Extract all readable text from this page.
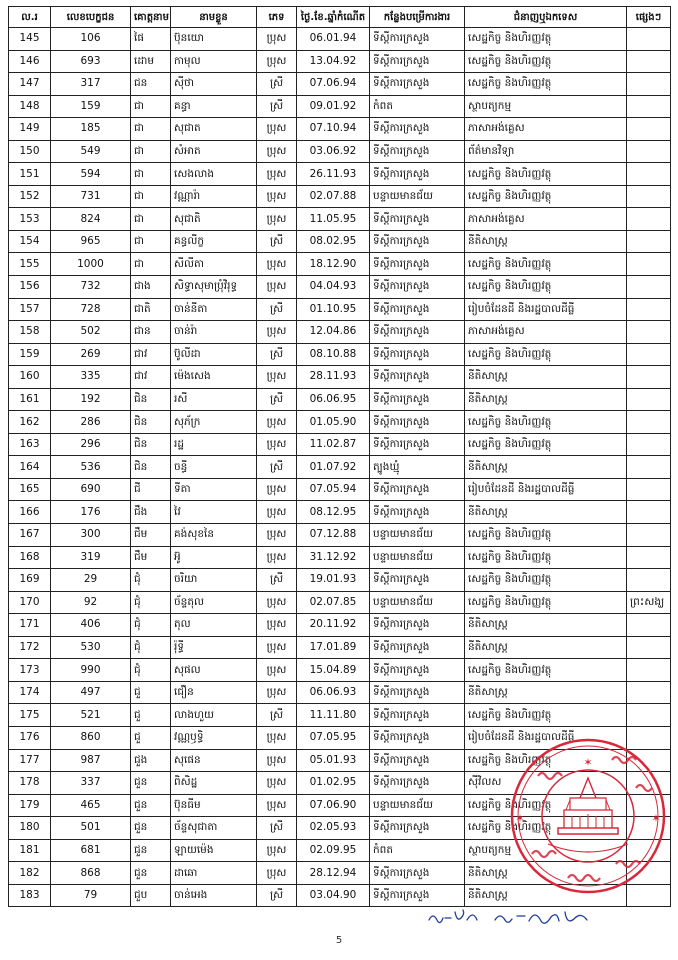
ល.រ	លេខបេក្ខជន	គោត្តនាម	នាមខ្លួន	ភេទ	ថ្ងៃ.ខែ.ឆ្នាំកំណើត	កន្លែងបម្រើការងារ	ជំនាញឬឯកទេស	ផ្សេងៗ
145	106	ផៃ	ប៊ុនយោ	ប្រុស	06.01.94	ទីស្ដីការក្រសួង	សេដ្ឋកិច្ច និងហិរញ្ញវត្ថុ	
146	693	ដោម	កាមុល	ប្រុស	13.04.92	ទីស្ដីការក្រសួង	សេដ្ឋកិច្ច និងហិរញ្ញវត្ថុ	
147	317	ជន	ស៊ីថា	ស្រី	07.06.94	ទីស្ដីការក្រសួង	សេដ្ឋកិច្ច និងហិរញ្ញវត្ថុ	
148	159	ជា	គន្ធា	ស្រី	09.01.92	កំពត	ស្ថាបត្យកម្ម	
149	185	ជា	សុជាត	ប្រុស	07.10.94	ទីស្ដីការក្រសួង	ភាសាអង់គ្លេស	
150	549	ជា	សំអាត	ប្រុស	03.06.92	ទីស្ដីការក្រសួង	ព័ត៌មានវិទ្យា	
151	594	ជា	សេងលាង	ប្រុស	26.11.93	ទីស្ដីការក្រសួង	សេដ្ឋកិច្ច និងហិរញ្ញវត្ថុ	
152	731	ជា	វណ្ណារ៉ា	ប្រុស	02.07.88	បន្ទាយមានជ័យ	សេដ្ឋកិច្ច និងហិរញ្ញវត្ថុ	
153	824	ជា	សុជាតិ	ប្រុស	11.05.95	ទីស្ដីការក្រសួង	ភាសាអង់គ្លេស	
154	965	ជា	គន្ធលីក្ខ	ស្រី	08.02.95	ទីស្ដីការក្រសួង	នីតិសាស្ត្រ	
155	1000	ជា	សីលីតា	ប្រុស	18.12.90	ទីស្ដីការក្រសួង	សេដ្ឋកិច្ច និងហិរញ្ញវត្ថុ	
156	732	ជាង	សិទ្ធាសុមាប្រុំវិរុទ្ធ	ប្រុស	04.04.93	ទីស្ដីការក្រសួង	សេដ្ឋកិច្ច និងហិរញ្ញវត្ថុ	
157	728	ជាតិ	ចាន់នីតា	ស្រី	01.10.95	ទីស្ដីការក្រសួង	រៀបចំដែនដី និងរដ្ឋបាលដីធ្លី	
158	502	ជាន	ចាន់រ៉ា	ប្រុស	12.04.86	ទីស្ដីការក្រសួង	ភាសាអង់គ្លេស	
159	269	ជាវ	ប៊ូលីដា	ស្រី	08.10.88	ទីស្ដីការក្រសួង	សេដ្ឋកិច្ច និងហិរញ្ញវត្ថុ	
160	335	ជាវ	ម៉េងសេង	ប្រុស	28.11.93	ទីស្ដីការក្រសួង	នីតិសាស្ត្រ	
161	192	ជិន	រសី	ស្រី	06.06.95	ទីស្ដីការក្រសួង	នីតិសាស្ត្រ	
162	286	ជិន	សុភ័ក្រ	ប្រុស	01.05.90	ទីស្ដីការក្រសួង	សេដ្ឋកិច្ច និងហិរញ្ញវត្ថុ	
163	296	ជិន	រដ្ឋ	ប្រុស	11.02.87	ទីស្ដីការក្រសួង	សេដ្ឋកិច្ច និងហិរញ្ញវត្ថុ	
164	536	ជិន	ចន្ធី	ស្រី	01.07.92	ត្បូងឃ្មុំ	នីតិសាស្ត្រ	
165	690	ជី	ទីតា	ប្រុស	07.05.94	ទីស្ដីការក្រសួង	រៀបចំដែនដី និងរដ្ឋបាលដីធ្លី	
166	176	ជឹង	វៃ	ប្រុស	08.12.95	ទីស្ដីការក្រសួង	នីតិសាស្ត្រ	
167	300	ជឹម	គង់សុខនៃ	ប្រុស	07.12.88	បន្ទាយមានជ័យ	សេដ្ឋកិច្ច និងហិរញ្ញវត្ថុ	
168	319	ជឹម	អ៊ូ	ប្រុស	31.12.92	បន្ទាយមានជ័យ	សេដ្ឋកិច្ច និងហិរញ្ញវត្ថុ	
169	29	ជុំ	ចរិយា	ស្រី	19.01.93	ទីស្ដីការក្រសួង	សេដ្ឋកិច្ច និងហិរញ្ញវត្ថុ	
170	92	ជុំ	ច័ន្ទតុល	ប្រុស	02.07.85	បន្ទាយមានជ័យ	សេដ្ឋកិច្ច និងហិរញ្ញវត្ថុ	ព្រះសង្ឃ
171	406	ជុំ	តុល	ប្រុស	20.11.92	ទីស្ដីការក្រសួង	នីតិសាស្ត្រ	
172	530	ជុំ	រ៉ុទ្ធី	ប្រុស	17.01.89	ទីស្ដីការក្រសួង	នីតិសាស្ត្រ	
173	990	ជុំ	សុផល	ប្រុស	15.04.89	ទីស្ដីការក្រសួង	សេដ្ឋកិច្ច និងហិរញ្ញវត្ថុ	
174	497	ជួ	ជឿន	ប្រុស	06.06.93	ទីស្ដីការក្រសួង	នីតិសាស្ត្រ	
175	521	ជួ	លាងហួយ	ស្រី	11.11.80	ទីស្ដីការក្រសួង	សេដ្ឋកិច្ច និងហិរញ្ញវត្ថុ	
176	860	ជួ	វណ្ណឫទ្ធិ	ប្រុស	07.05.95	ទីស្ដីការក្រសួង	រៀបចំដែនដី និងរដ្ឋបាលដីធ្លី	
177	987	ជួង	សុផេន	ប្រុស	05.01.93	ទីស្ដីការក្រសួង	សេដ្ឋកិច្ច និងហិរញ្ញវត្ថុ	
178	337	ជួន	ពិសិដ្ឋ	ប្រុស	01.02.95	ទីស្ដីការក្រសួង	ស៊ីវិលស	
179	465	ជួន	ប៊ុនធីម	ប្រុស	07.06.90	បន្ទាយមានជ័យ	សេដ្ឋកិច្ច និងហិរញ្ញវត្ថុ	
180	501	ជួន	ច័ន្ទសុជាតា	ស្រី	02.05.93	ទីស្ដីការក្រសួង	សេដ្ឋកិច្ច និងហិរញ្ញវត្ថុ	
181	681	ជួន	ឡាយម៉េង	ប្រុស	02.09.95	កំពត	ស្ថាបត្យកម្ម	
182	868	ជួន	ដាឆោ	ប្រុស	28.12.94	ទីស្ដីការក្រសួង	នីតិសាស្ត្រ	
183	79	ជួប	ចាន់អេង	ស្រី	03.04.90	ទីស្ដីការក្រសួង	នីតិសាស្ត្រ	
✶
✶	✶
5
